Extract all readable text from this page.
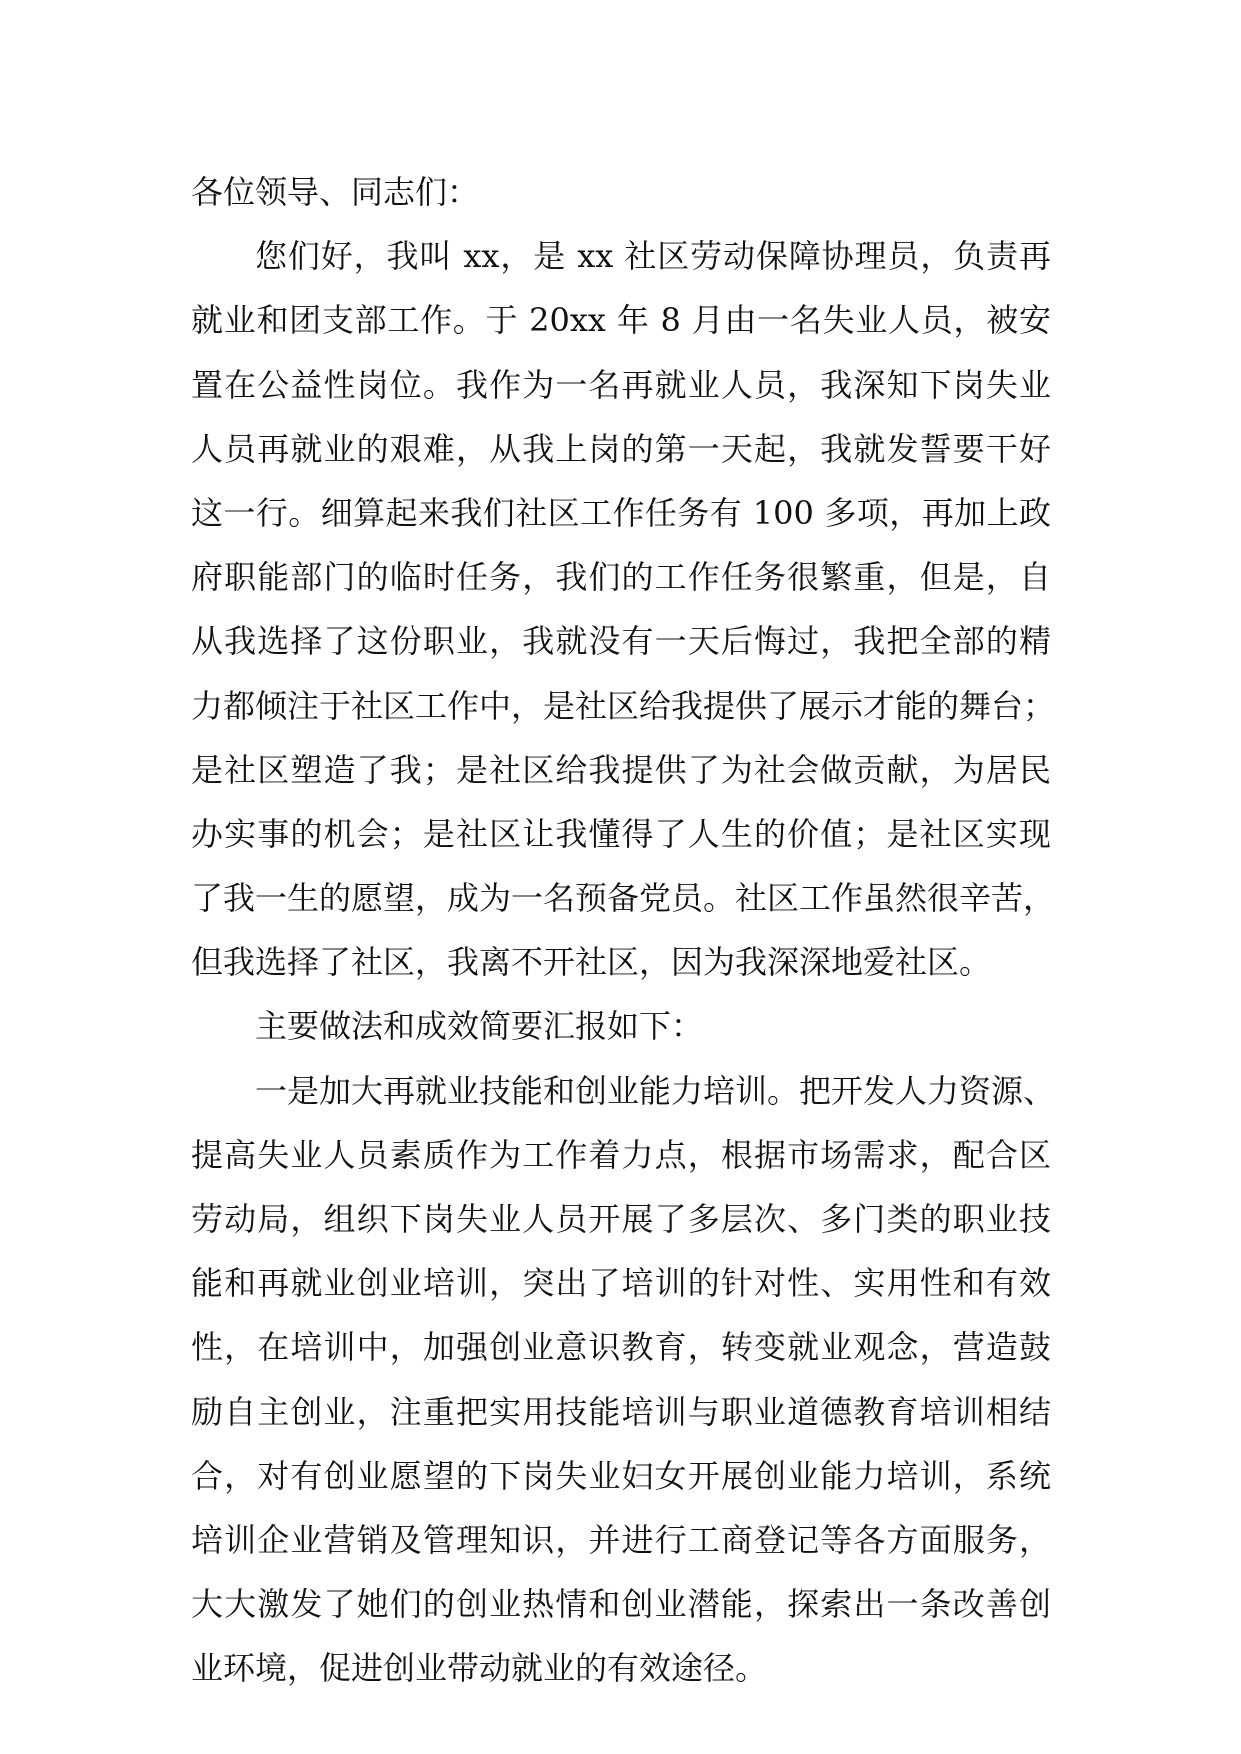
各位领导、同志们：
您们好，我叫 xx，是 xx 社区劳动保障协理员，负责再
就业和团支部工作。于 20xx 年 8 月由一名失业人员，被安
置在公益性岗位。我作为一名再就业人员，我深知下岗失业
人员再就业的艰难，从我上岗的第一天起，我就发誓要干好
这一行。细算起来我们社区工作任务有 100 多项，再加上政
府职能部门的临时任务，我们的工作任务很繁重，但是，自
从我选择了这份职业，我就没有一天后悔过，我把全部的精
力都倾注于社区工作中，是社区给我提供了展示才能的舞台；
是社区塑造了我；是社区给我提供了为社会做贡献，为居民
办实事的机会；是社区让我懂得了人生的价值；是社区实现
了我一生的愿望，成为一名预备党员。社区工作虽然很辛苦，
但我选择了社区，我离不开社区，因为我深深地爱社区。
主要做法和成效简要汇报如下：
一是加大再就业技能和创业能力培训。把开发人力资源、
提高失业人员素质作为工作着力点，根据市场需求，配合区
劳动局，组织下岗失业人员开展了多层次、多门类的职业技
能和再就业创业培训，突出了培训的针对性、实用性和有效
性，在培训中，加强创业意识教育，转变就业观念，营造鼓
励自主创业，注重把实用技能培训与职业道德教育培训相结
合，对有创业愿望的下岗失业妇女开展创业能力培训，系统
培训企业营销及管理知识，并进行工商登记等各方面服务，
大大激发了她们的创业热情和创业潜能，探索出一条改善创
业环境，促进创业带动就业的有效途径。
